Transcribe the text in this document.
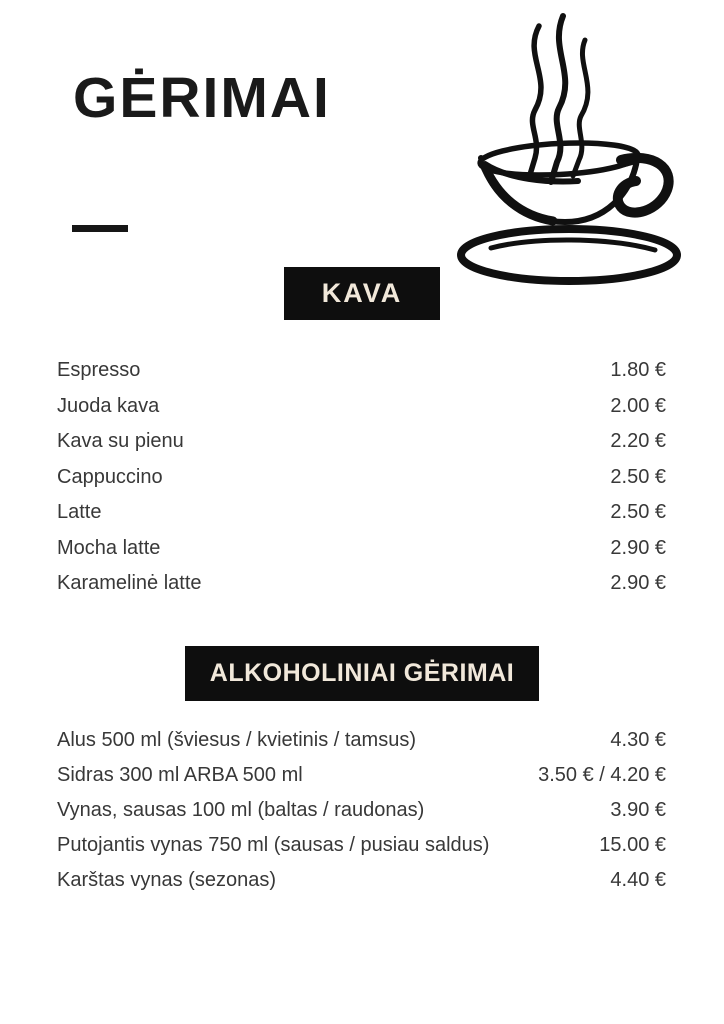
GĖRIMAI
KAVA
Espresso	1.80 €
Juoda kava	2.00 €
Kava su pienu	2.20 €
Cappuccino	2.50 €
Latte	2.50 €
Mocha latte	2.90 €
Karamelinė latte	2.90 €
ALKOHOLINIAI GĖRIMAI
Alus 500 ml (šviesus / kvietinis / tamsus)	4.30 €
Sidras 300 ml ARBA 500 ml	3.50 € / 4.20 €
Vynas, sausas 100 ml (baltas / raudonas)	3.90 €
Putojantis vynas 750 ml (sausas / pusiau saldus)	15.00 €
Karštas vynas (sezonas)	4.40 €
